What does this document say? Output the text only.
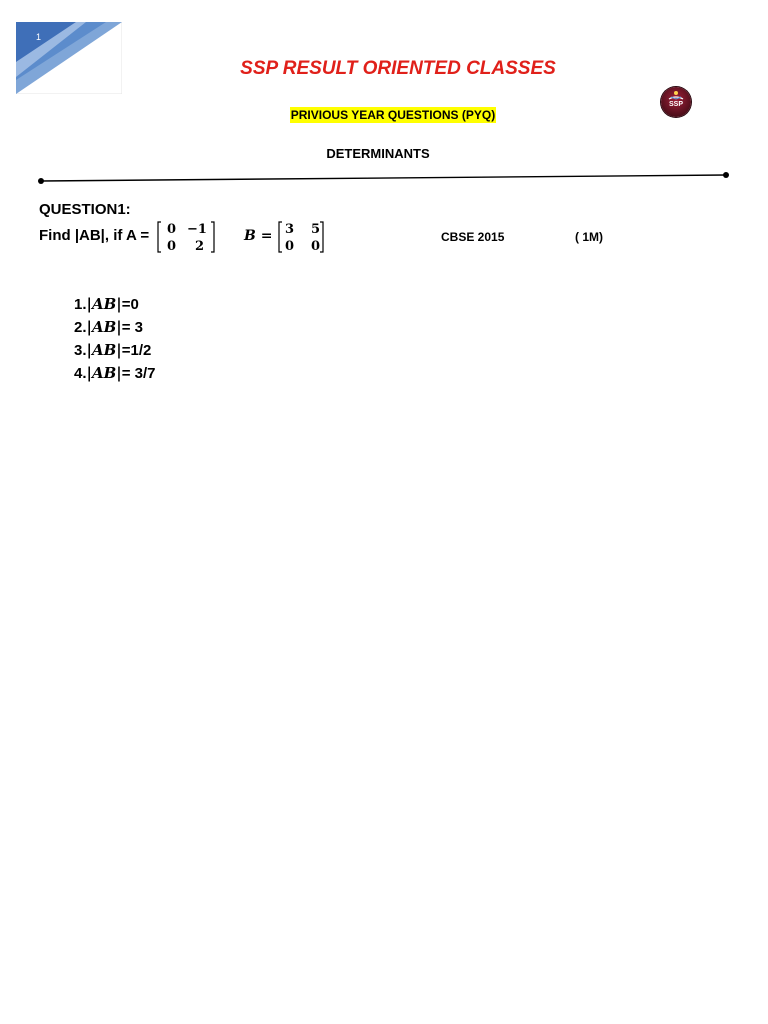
1
SSP RESULT ORIENTED CLASSES
SSP
PRIVIOUS YEAR QUESTIONS (PYQ)
DETERMINANTS
QUESTION1:
Find |AB|, if A = 0 −1
0 2
B = 3 5
0 0
CBSE 2015	( 1M)
1.|AB|=0
2.|AB|= 3
3.|AB|=1/2
4.|AB|= 3/7
